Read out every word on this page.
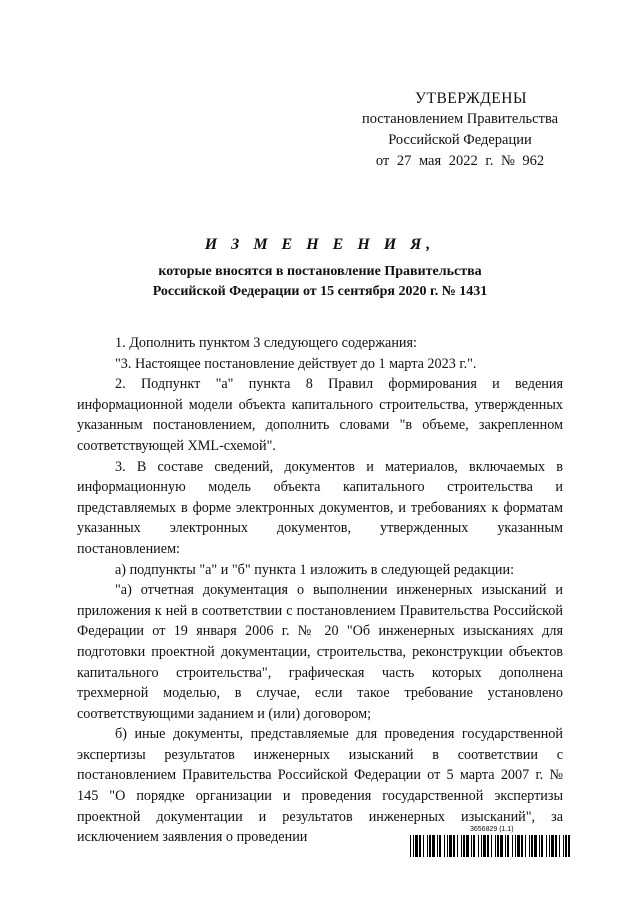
УТВЕРЖДЕНЫ
постановлением Правительства
Российской Федерации
от 27 мая 2022 г. № 962
И З М Е Н Е Н И Я,
которые вносятся в постановление Правительства
Российской Федерации от 15 сентября 2020 г. № 1431

1. Дополнить пунктом 3 следующего содержания:

"3. Настоящее постановление действует до 1 марта 2023 г.".

2. Подпункт "а" пункта 8 Правил формирования и ведения информационной модели объекта капитального строительства, утвержденных указанным постановлением, дополнить словами "в объеме, закрепленном соответствующей XML-схемой".

3. В составе сведений, документов и материалов, включаемых в информационную модель объекта капитального строительства и представляемых в форме электронных документов, и требованиях к форматам указанных электронных документов, утвержденных указанным постановлением:

а) подпункты "а" и "б" пункта 1 изложить в следующей редакции:

"а) отчетная документация о выполнении инженерных изысканий и приложения к ней в соответствии с постановлением Правительства Российской Федерации от 19 января 2006 г. № 20 "Об инженерных изысканиях для подготовки проектной документации, строительства, реконструкции объектов капитального строительства", графическая часть которых дополнена трехмерной моделью, в случае, если такое требование установлено соответствующими заданием и (или) договором;

б) иные документы, представляемые для проведения государственной экспертизы результатов инженерных изысканий в соответствии с постановлением Правительства Российской Федерации от 5 марта 2007 г. № 145 "О порядке организации и проведения государственной экспертизы проектной документации и результатов инженерных изысканий", за исключением заявления о проведении	3656829 (1.1)
